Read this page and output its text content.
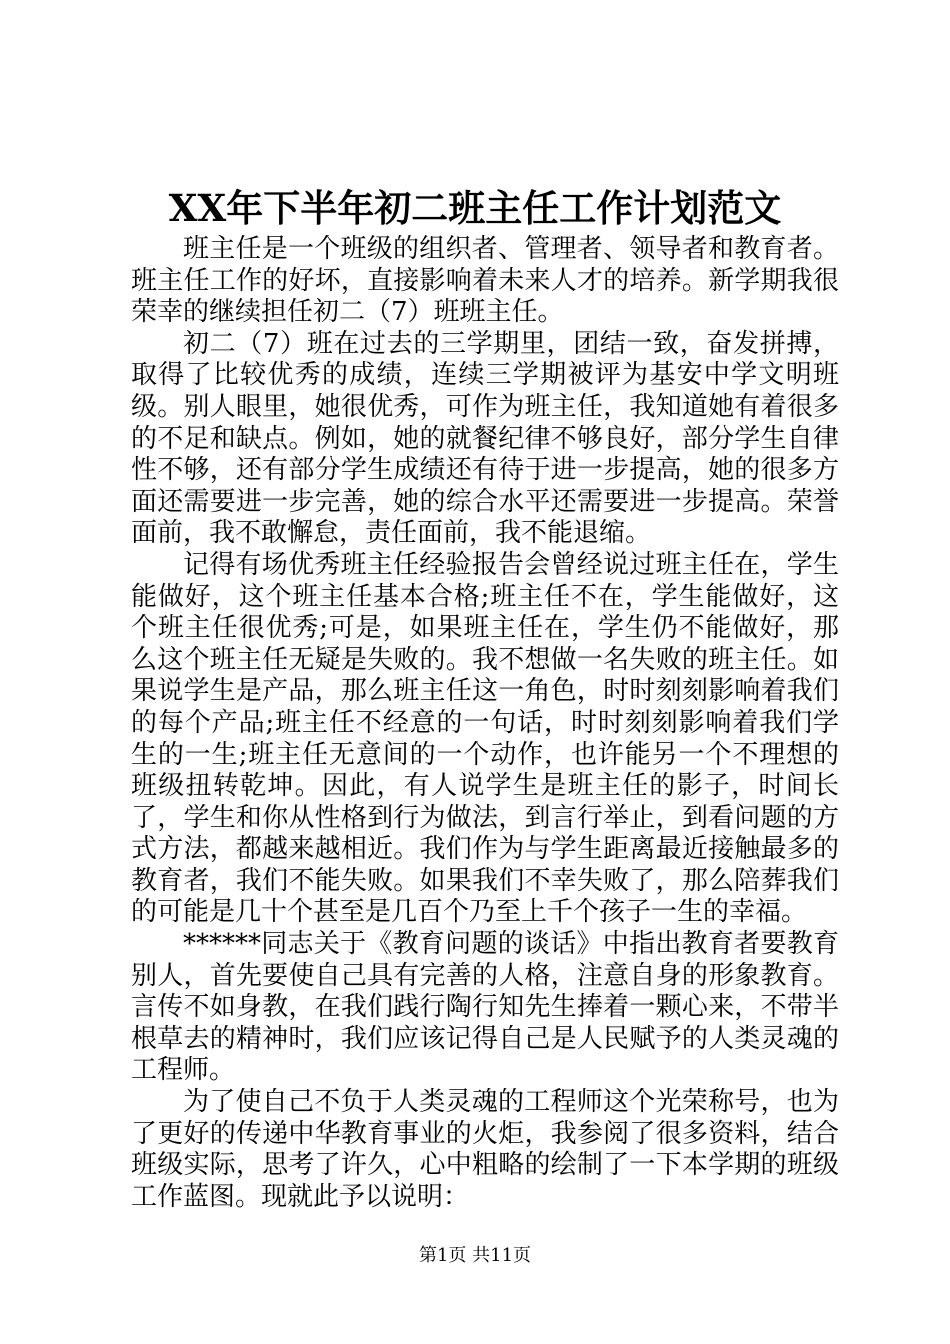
XX年下半年初二班主任工作计划范文

班主任是一个班级的组织者、管理者、领导者和教育者。班主任工作的好坏，直接影响着未来人才的培养。新学期我很荣幸的继续担任初二（7）班班主任。

初二（7）班在过去的三学期里，团结一致，奋发拼搏，取得了比较优秀的成绩，连续三学期被评为基安中学文明班级。别人眼里，她很优秀，可作为班主任，我知道她有着很多的不足和缺点。例如，她的就餐纪律不够良好，部分学生自律性不够，还有部分学生成绩还有待于进一步提高，她的很多方面还需要进一步完善，她的综合水平还需要进一步提高。荣誉面前，我不敢懈怠，责任面前，我不能退缩。

记得有场优秀班主任经验报告会曾经说过班主任在，学生能做好，这个班主任基本合格;班主任不在，学生能做好，这个班主任很优秀;可是，如果班主任在，学生仍不能做好，那么这个班主任无疑是失败的。我不想做一名失败的班主任。如果说学生是产品，那么班主任这一角色，时时刻刻影响着我们的每个产品;班主任不经意的一句话，时时刻刻影响着我们学生的一生;班主任无意间的一个动作，也许能另一个不理想的班级扭转乾坤。因此，有人说学生是班主任的影子，时间长了，学生和你从性格到行为做法，到言行举止，到看问题的方式方法，都越来越相近。我们作为与学生距离最近接触最多的教育者，我们不能失败。如果我们不幸失败了，那么陪葬我们的可能是几十个甚至是几百个乃至上千个孩子一生的幸福。

******同志关于《教育问题的谈话》中指出教育者要教育别人，首先要使自己具有完善的人格，注意自身的形象教育。言传不如身教，在我们践行陶行知先生捧着一颗心来，不带半根草去的精神时，我们应该记得自己是人民赋予的人类灵魂的工程师。

为了使自己不负于人类灵魂的工程师这个光荣称号，也为了更好的传递中华教育事业的火炬，我参阅了很多资料，结合班级实际，思考了许久，心中粗略的绘制了一下本学期的班级工作蓝图。现就此予以说明：

第1页 共11页
